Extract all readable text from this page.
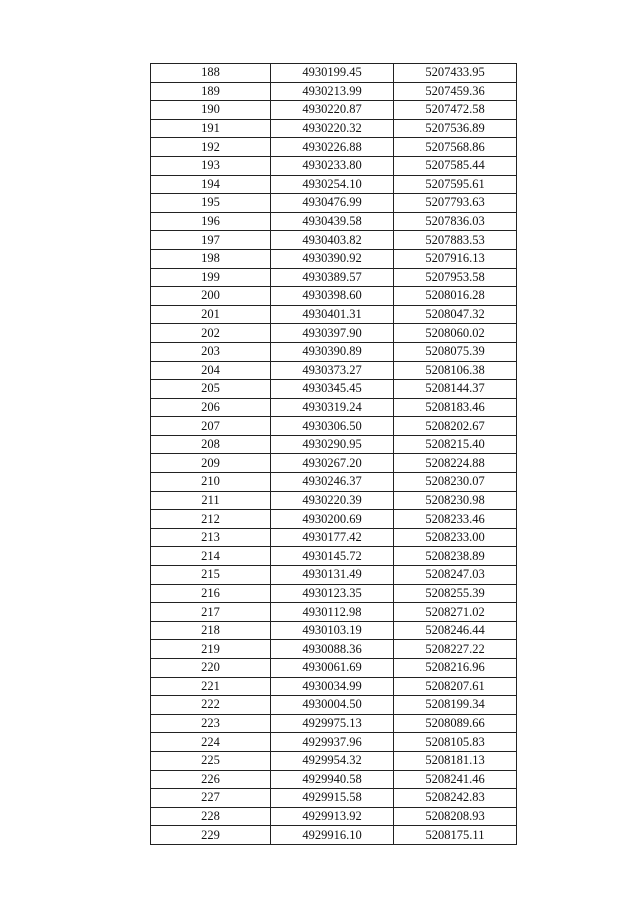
188	4930199.45	5207433.95
189	4930213.99	5207459.36
190	4930220.87	5207472.58
191	4930220.32	5207536.89
192	4930226.88	5207568.86
193	4930233.80	5207585.44
194	4930254.10	5207595.61
195	4930476.99	5207793.63
196	4930439.58	5207836.03
197	4930403.82	5207883.53
198	4930390.92	5207916.13
199	4930389.57	5207953.58
200	4930398.60	5208016.28
201	4930401.31	5208047.32
202	4930397.90	5208060.02
203	4930390.89	5208075.39
204	4930373.27	5208106.38
205	4930345.45	5208144.37
206	4930319.24	5208183.46
207	4930306.50	5208202.67
208	4930290.95	5208215.40
209	4930267.20	5208224.88
210	4930246.37	5208230.07
211	4930220.39	5208230.98
212	4930200.69	5208233.46
213	4930177.42	5208233.00
214	4930145.72	5208238.89
215	4930131.49	5208247.03
216	4930123.35	5208255.39
217	4930112.98	5208271.02
218	4930103.19	5208246.44
219	4930088.36	5208227.22
220	4930061.69	5208216.96
221	4930034.99	5208207.61
222	4930004.50	5208199.34
223	4929975.13	5208089.66
224	4929937.96	5208105.83
225	4929954.32	5208181.13
226	4929940.58	5208241.46
227	4929915.58	5208242.83
228	4929913.92	5208208.93
229	4929916.10	5208175.11
